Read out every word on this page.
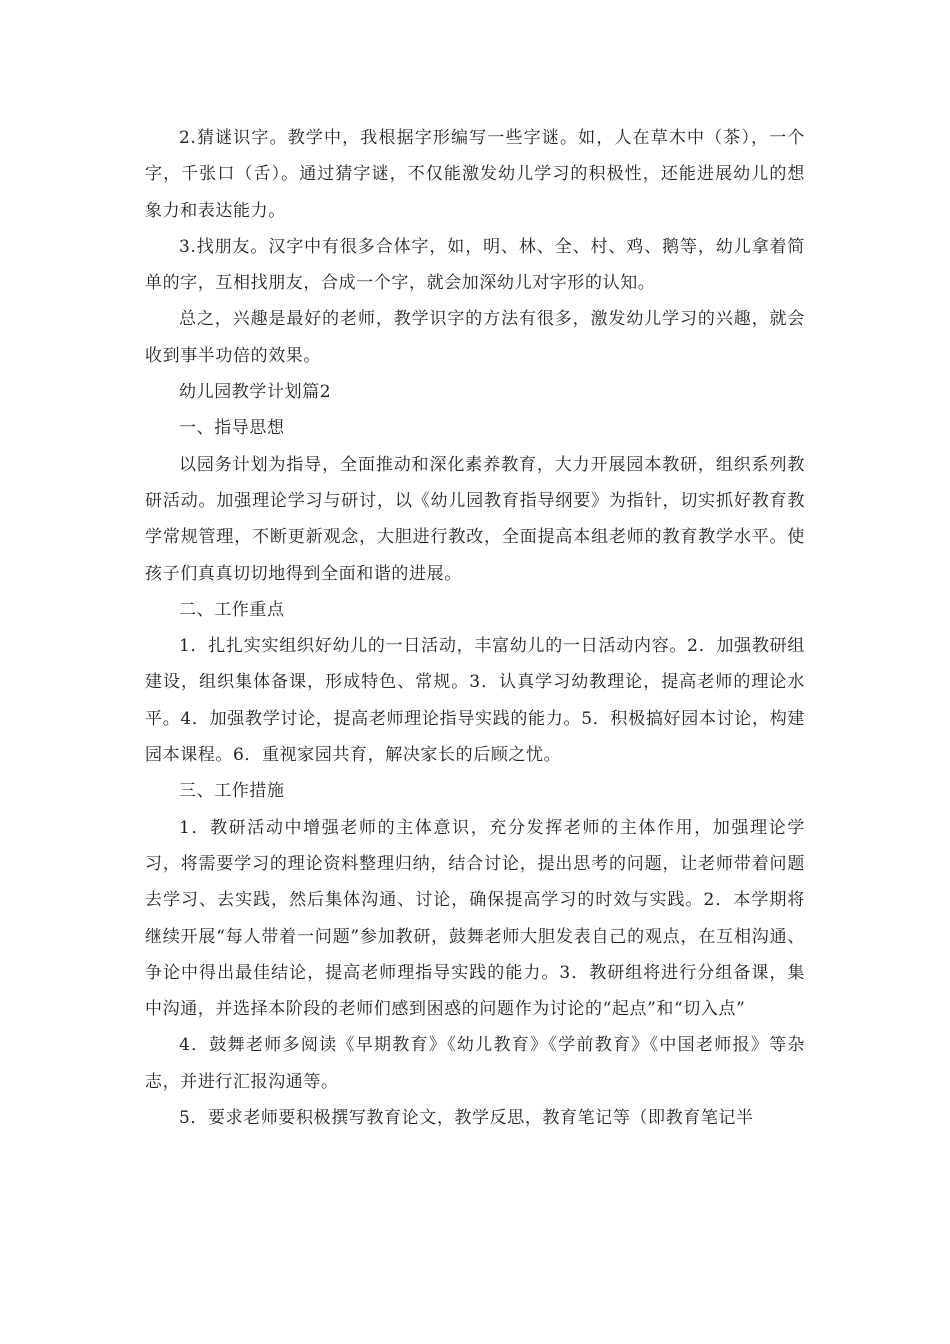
2.猜谜识字。教学中，我根据字形编写一些字谜。如，人在草木中（茶），一个字，千张口（舌）。通过猜字谜，不仅能激发幼儿学习的积极性，还能进展幼儿的想象力和表达能力。

3.找朋友。汉字中有很多合体字，如，明、林、全、村、鸡、鹅等，幼儿拿着简单的字，互相找朋友，合成一个字，就会加深幼儿对字形的认知。

总之，兴趣是最好的老师，教学识字的方法有很多，激发幼儿学习的兴趣，就会收到事半功倍的效果。

幼儿园教学计划篇2

一、指导思想

以园务计划为指导，全面推动和深化素养教育，大力开展园本教研，组织系列教研活动。加强理论学习与研讨，以《幼儿园教育指导纲要》为指针，切实抓好教育教学常规管理，不断更新观念，大胆进行教改，全面提高本组老师的教育教学水平。使孩子们真真切切地得到全面和谐的进展。

二、工作重点

1．扎扎实实组织好幼儿的一日活动，丰富幼儿的一日活动内容。2．加强教研组建设，组织集体备课，形成特色、常规。3．认真学习幼教理论，提高老师的理论水平。4．加强教学讨论，提高老师理论指导实践的能力。5．积极搞好园本讨论，构建园本课程。6．重视家园共育，解决家长的后顾之忧。

三、工作措施

1．教研活动中增强老师的主体意识，充分发挥老师的主体作用，加强理论学习，将需要学习的理论资料整理归纳，结合讨论，提出思考的问题，让老师带着问题去学习、去实践，然后集体沟通、讨论，确保提高学习的时效与实践。2．本学期将继续开展“每人带着一问题”参加教研，鼓舞老师大胆发表自己的观点，在互相沟通、争论中得出最佳结论，提高老师理指导实践的能力。3．教研组将进行分组备课，集中沟通，并选择本阶段的老师们感到困惑的问题作为讨论的“起点”和“切入点”

4．鼓舞老师多阅读《早期教育》《幼儿教育》《学前教育》《中国老师报》等杂志，并进行汇报沟通等。

5．要求老师要积极撰写教育论文，教学反思，教育笔记等（即教育笔记半
